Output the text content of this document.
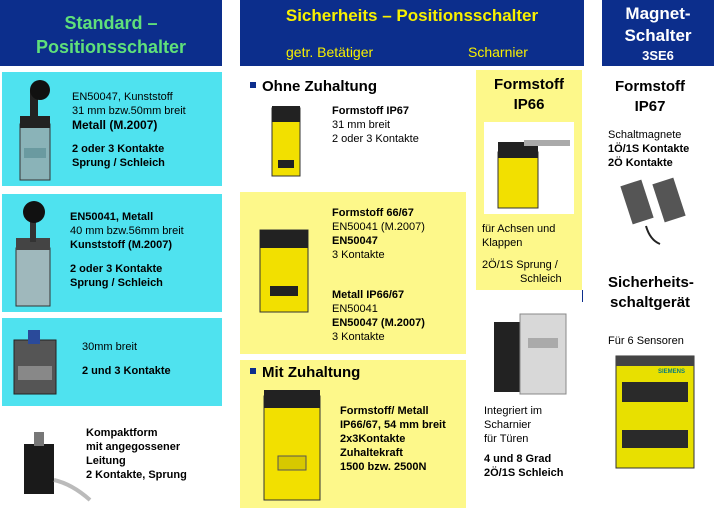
Standard –
Positionsschalter
Sicherheits – Positionsschalter
getr. Betätiger	Scharnier
Magnet-
Schalter
3SE6
EN50047, Kunststoff
31 mm bzw.50mm breit
Metall (M.2007)
2 oder 3 Kontakte
Sprung / Schleich
EN50041, Metall
40 mm bzw.56mm breit
Kunststoff (M.2007)
2 oder 3 Kontakte
Sprung / Schleich
30mm breit
2 und 3 Kontakte
Kompaktform
mit angegossener
Leitung
2 Kontakte, Sprung
Ohne Zuhaltung
Formstoff IP67
31 mm breit
2 oder 3 Kontakte
Formstoff 66/67
EN50041 (M.2007)
EN50047
3 Kontakte
Metall IP66/67
EN50041
EN50047 (M.2007)
3 Kontakte
Mit Zuhaltung
Formstoff/ Metall
IP66/67, 54 mm breit
2x3Kontakte
Zuhaltekraft
1500 bzw. 2500N
Formstoff
IP66
für Achsen und
Klappen
2Ö/1S Sprung /
Schleich
Integriert im
Scharnier
für Türen
4 und 8 Grad
2Ö/1S Schleich
Formstoff
IP67
Schaltmagnete
1Ö/1S Kontakte
2Ö Kontakte
Sicherheits-
schaltgerät
Für 6 Sensoren
SIEMENS
